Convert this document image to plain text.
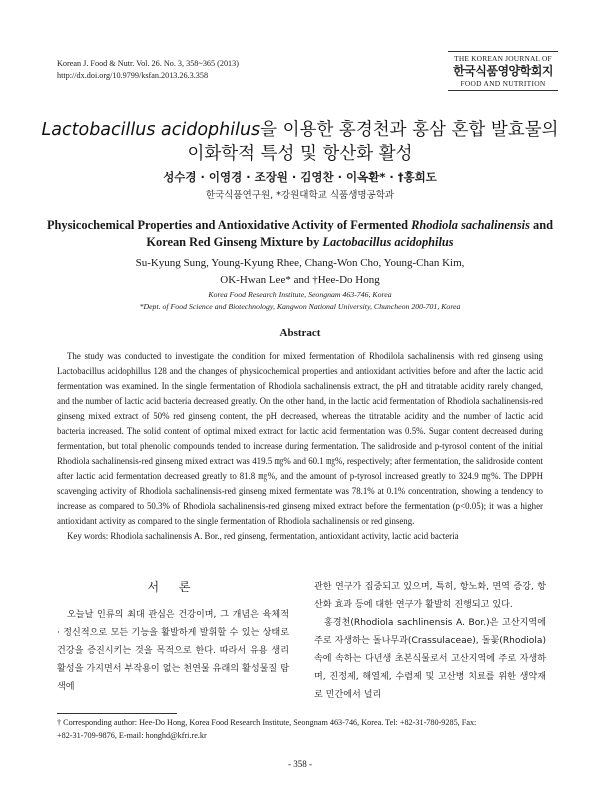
Korean J. Food & Nutr. Vol. 26. No. 3, 358~365 (2013)
http://dx.doi.org/10.9799/ksfan.2013.26.3.358
THE KOREAN JOURNAL OF
한국식품영양학회지
FOOD AND NUTRITION
Lactobacillus acidophilus을 이용한 홍경천과 홍삼 혼합 발효물의
이화학적 특성 및 항산화 활성
성수경 · 이영경 · 조장원 · 김영찬 · 이옥환* · †홍희도
한국식품연구원, *강원대학교 식품생명공학과
Physicochemical Properties and Antioxidative Activity of Fermented Rhodiola sachalinensis and
Korean Red Ginseng Mixture by Lactobacillus acidophilus
Su-Kyung Sung, Young-Kyung Rhee, Chang-Won Cho, Young-Chan Kim,
OK-Hwan Lee* and †Hee-Do Hong
Korea Food Research Institute, Seongnam 463-746, Korea
*Dept. of Food Science and Biotechnology, Kangwon National University, Chuncheon 200-701, Korea
Abstract

The study was conducted to investigate the condition for mixed fermentation of Rhodilola sachalinensis with red ginseng using Lactobacillus acidophillus 128 and the changes of physicochemical properties and antioxidant activities before and after the lactic acid fermentation was examined. In the single fermentation of Rhodiola sachalinensis extract, the pH and titratable acidity rarely changed, and the number of lactic acid bacteria decreased greatly. On the other hand, in the lactic acid fermentation of Rhodiola sachalinensis-red ginseng mixed extract of 50% red ginseng content, the pH decreased, whereas the titratable acidity and the number of lactic acid bacteria increased. The solid content of optimal mixed extract for lactic acid fermentation was 0.5%. Sugar content decreased during fermentation, but total phenolic compounds tended to increase during fermentation. The salidroside and p-tyrosol content of the initial Rhodiola sachalinensis-red ginseng mixed extract was 419.5 ㎎% and 60.1 ㎎%, respectively; after fermentation, the salidroside content after lactic acid fermentation decreased greatly to 81.8 ㎎%, and the amount of p-tyrosol increased greatly to 324.9 ㎎%. The DPPH scavenging activity of Rhodiola sachalinensis-red ginseng mixed fermentate was 78.1% at 0.1% concentration, showing a tendency to increase as compared to 50.3% of Rhodiola sachalinensis-red ginseng mixed extract before the fermentation (p<0.05); it was a higher antioxidant activity as compared to the single fermentation of Rhodiola sachalinensis or red ginseng.

Key words: Rhodiola sachalinensis A. Bor., red ginseng, fermentation, antioxidant activity, lactic acid bacteria

서 론

오늘날 인류의 최대 관심은 건강이며, 그 개념은 육체적 · 정신적으로 모든 기능을 활발하게 발휘할 수 있는 상태로 건강을 증진시키는 것을 목적으로 한다. 따라서 유용 생리활성을 가지면서 부작용이 없는 천연물 유래의 활성물질 탐색에

관한 연구가 집중되고 있으며, 특히, 항노화, 면역 증강, 항산화 효과 등에 대한 연구가 활발히 진행되고 있다.

홍경천(Rhodiola sachlinensis A. Bor.)은 고산지역에 주로 자생하는 돌나무과(Crassulaceae), 돌꽃(Rhodiola)속에 속하는 다년생 초본식물로서 고산지역에 주로 자생하며, 진정제, 해열제, 수렴제 및 고산병 치료를 위한 생약재로 민간에서 널리

† Corresponding author: Hee-Do Hong, Korea Food Research Institute, Seongnam 463-746, Korea. Tel: +82-31-780-9285, Fax:
+82-31-709-9876, E-mail: honghd@kfri.re.kr
- 358 -
